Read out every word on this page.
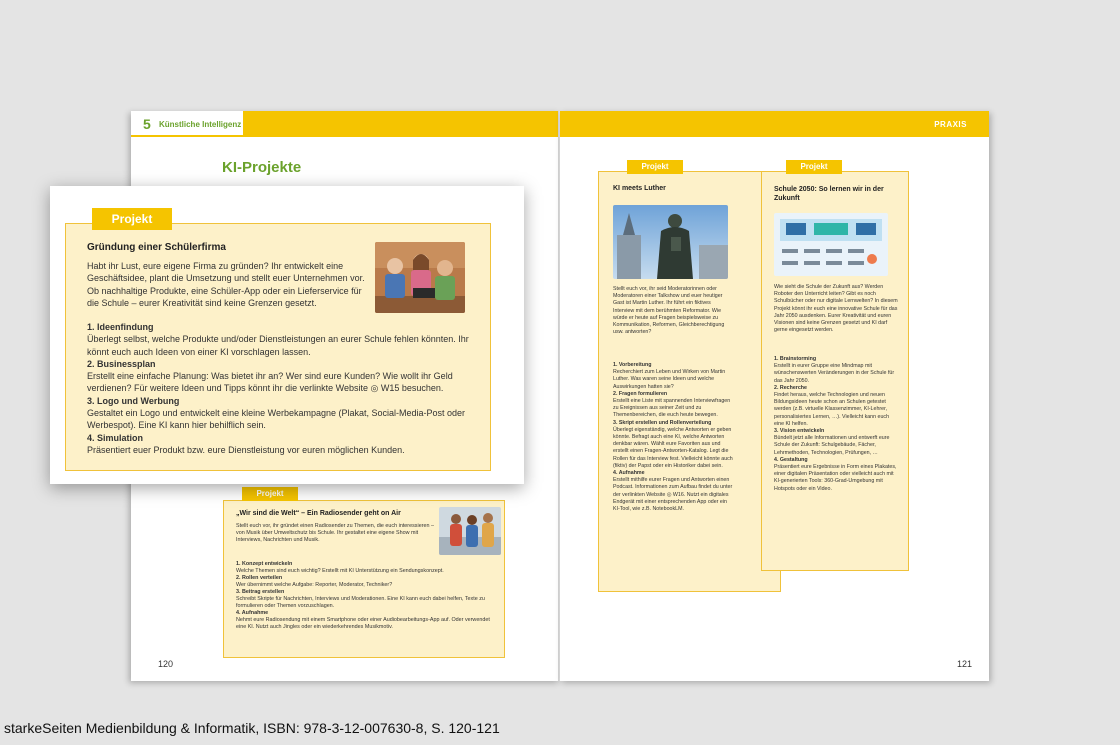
5 Künstliche Intelligenz
KI-Projekte
Projekt
„Wir sind die Welt“ – Ein Radiosender geht on Air
Stellt euch vor, ihr gründet einen Radiosender zu Themen, die euch interessieren – von Musik über Umweltschutz bis Schule. Ihr gestaltet eine eigene Show mit Interviews, Nachrichten und Musik.

1. Konzept entwickeln

Welche Themen sind euch wichtig? Erstellt mit KI Unterstützung ein Sendungskonzept.

2. Rollen verteilen

Wer übernimmt welche Aufgabe: Reporter, Moderator, Techniker?

3. Beitrag erstellen

Schreibt Skripte für Nachrichten, Interviews und Moderationen. Eine KI kann euch dabei helfen, Texte zu formulieren oder Themen vorzuschlagen.

4. Aufnahme

Nehmt eure Radiosendung mit einem Smartphone oder einer Audiobearbeitungs-App auf. Oder verwendet eine KI. Nutzt auch Jingles oder ein wiederkehrendes Musikmotiv.

120
PRAXIS
Projekt
KI meets Luther
Stellt euch vor, ihr seid Moderatorinnen oder Moderatoren einer Talkshow und euer heutiger Gast ist Martin Luther. Ihr führt ein fiktives Interview mit dem berühmten Reformator. Wie würde er heute auf Fragen beispielsweise zu Kommunikation, Reformen, Gleichberechtigung usw. antworten?

1. Vorbereitung

Recherchiert zum Leben und Wirken von Martin Luther. Was waren seine Ideen und welche Auswirkungen hatten sie?

2. Fragen formulieren

Erstellt eine Liste mit spannenden Interviewfragen zu Ereignissen aus seiner Zeit und zu Themenbereichen, die euch heute bewegen.

3. Skript erstellen und Rollenverteilung

Überlegt eigenständig, welche Antworten er geben könnte. Befragt auch eine KI, welche Antworten denkbar wären. Wählt eure Favoriten aus und erstellt einen Fragen-Antworten-Katalog. Legt die Rollen für das Interview fest. Vielleicht könnte auch (fiktiv) der Papst oder ein Historiker dabei sein.

4. Aufnahme

Erstellt mithilfe eurer Fragen und Antworten einen Podcast. Informationen zum Aufbau findet du unter der verlinkten Website ◎ W16. Nutzt ein digitales Endgerät mit einer entsprechenden App oder ein KI-Tool, wie z.B. NotebookLM.

Projekt
Schule 2050: So lernen wir in der Zukunft
Wie sieht die Schule der Zukunft aus? Werden Roboter den Unterricht leiten? Gibt es noch Schulbücher oder nur digitale Lernwelten? In diesem Projekt könnt ihr euch eine innovative Schule für das Jahr 2050 ausdenken. Eurer Kreativität und euren Visionen sind keine Grenzen gesetzt und KI darf gerne eingesetzt werden.

1. Brainstorming

Erstellt in eurer Gruppe eine Mindmap mit wünschenswerten Veränderungen in der Schule für das Jahr 2050.

2. Recherche

Findet heraus, welche Technologien und neuen Bildungsideen heute schon an Schulen getestet werden (z.B. virtuelle Klassenzimmer, KI-Lehrer, personalisiertes Lernen, …). Vielleicht kann euch eine KI helfen.

3. Vision entwickeln

Bündelt jetzt alle Informationen und entwerft eure Schule der Zukunft: Schulgebäude, Fächer, Lehrmethoden, Technologien, Prüfungen, …

4. Gestaltung

Präsentiert eure Ergebnisse in Form eines Plakates, einer digitalen Präsentation oder vielleicht auch mit KI-generierten Tools: 360-Grad-Umgebung mit Hotspots oder ein Video.

121
Projekt
Gründung einer Schülerfirma
Habt ihr Lust, eure eigene Firma zu gründen? Ihr entwickelt eine Geschäftsidee, plant die Umsetzung und stellt euer Unternehmen vor. Ob nachhaltige Produkte, eine Schüler-App oder ein Lieferservice für die Schule – eurer Kreativität sind keine Grenzen gesetzt.

1. Ideenfindung

Überlegt selbst, welche Produkte und/oder Dienstleistungen an eurer Schule fehlen könnten. Ihr könnt euch auch Ideen von einer KI vorschlagen lassen.

2. Businessplan

Erstellt eine einfache Planung: Was bietet ihr an? Wer sind eure Kunden? Wie wollt ihr Geld verdienen? Für weitere Ideen und Tipps könnt ihr die verlinkte Website ◎ W15 besuchen.

3. Logo und Werbung

Gestaltet ein Logo und entwickelt eine kleine Werbekampagne (Plakat, Social-Media-Post oder Werbespot). Eine KI kann hier behilflich sein.

4. Simulation

Präsentiert euer Produkt bzw. eure Dienstleistung vor euren möglichen Kunden.

starkeSeiten Medienbildung & Informatik, ISBN: 978-3-12-007630-8, S. 120-121
